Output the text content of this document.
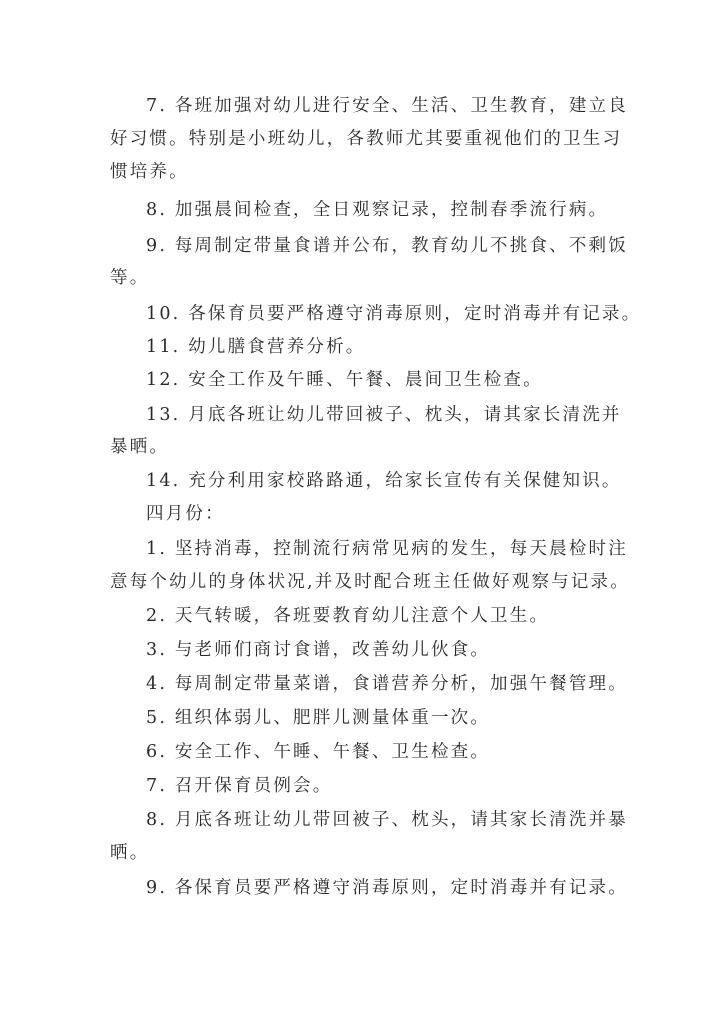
7. 各班加强对幼儿进行安全、生活、卫生教育，建立良
好习惯。特别是小班幼儿，各教师尤其要重视他们的卫生习
惯培养。
8. 加强晨间检查，全日观察记录，控制春季流行病。
9. 每周制定带量食谱并公布，教育幼儿不挑食、不剩饭
等。
10. 各保育员要严格遵守消毒原则，定时消毒并有记录。
11. 幼儿膳食营养分析。
12. 安全工作及午睡、午餐、晨间卫生检查。
13. 月底各班让幼儿带回被子、枕头，请其家长清洗并
暴晒。
14. 充分利用家校路路通，给家长宣传有关保健知识。
四月份：
1. 坚持消毒，控制流行病常见病的发生，每天晨检时注
意每个幼儿的身体状况,并及时配合班主任做好观察与记录。
2. 天气转暖，各班要教育幼儿注意个人卫生。
3. 与老师们商讨食谱，改善幼儿伙食。
4. 每周制定带量菜谱，食谱营养分析，加强午餐管理。
5. 组织体弱儿、肥胖儿测量体重一次。
6. 安全工作、午睡、午餐、卫生检查。
7. 召开保育员例会。
8. 月底各班让幼儿带回被子、枕头，请其家长清洗并暴
晒。
9. 各保育员要严格遵守消毒原则，定时消毒并有记录。
